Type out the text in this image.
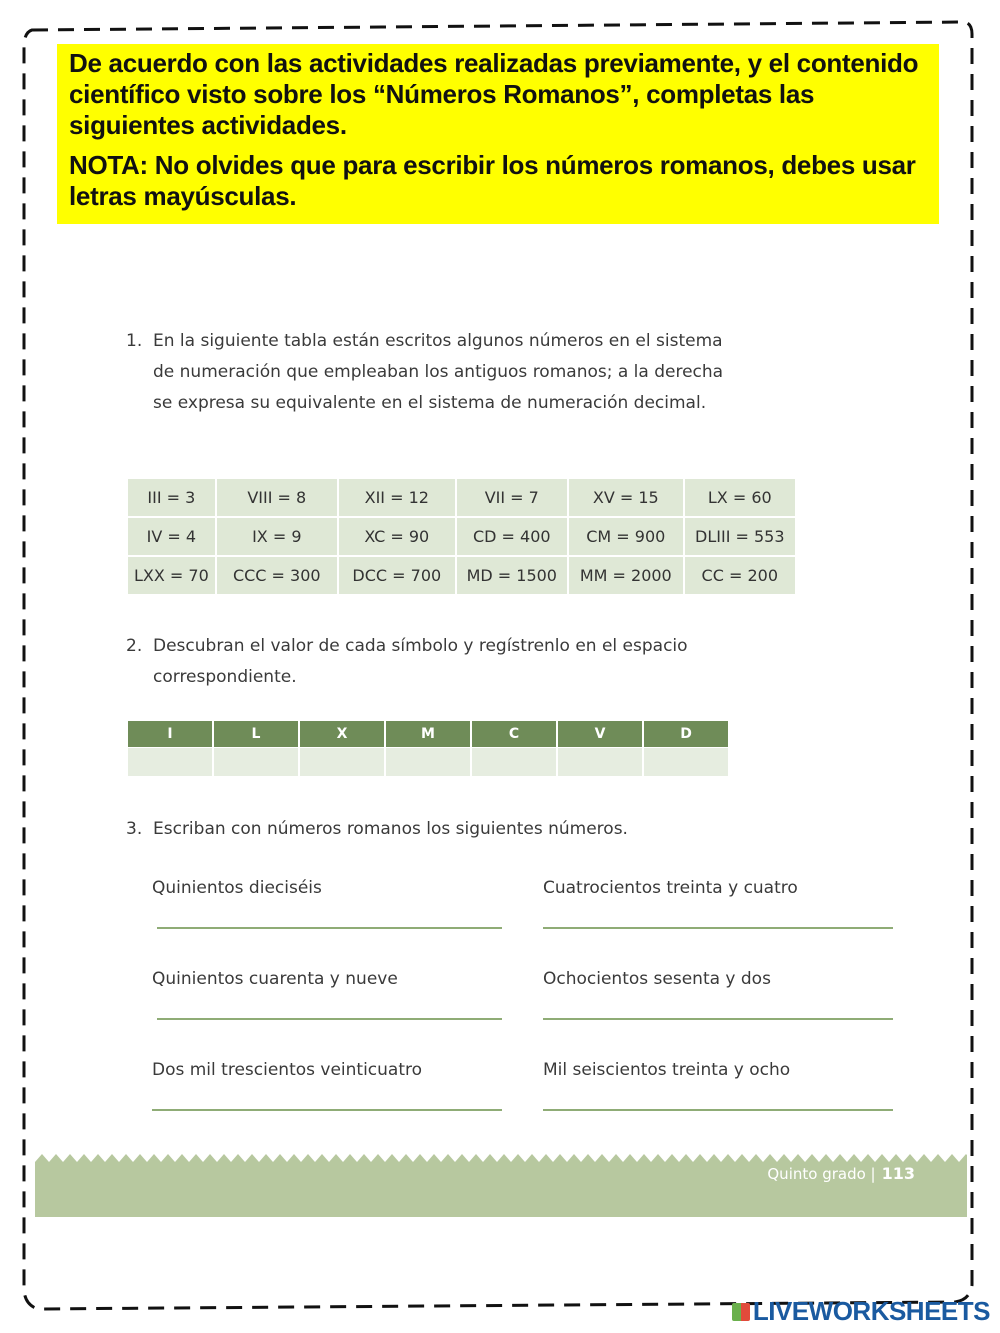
De acuerdo con las actividades realizadas previamente, y el contenido científico visto sobre los “Números Romanos”, completas las siguientes actividades.

NOTA: No olvides que para escribir los números romanos, debes usar letras mayúsculas.

1. En la siguiente tabla están escritos algunos números en el sistema de numeración que empleaban los antiguos romanos; a la derecha se expresa su equivalente en el sistema de numeración decimal.
III = 3	VIII = 8	XII = 12	VII = 7	XV = 15	LX = 60
IV = 4	IX = 9	XC = 90	CD = 400	CM = 900	DLIII = 553
LXX = 70	CCC = 300	DCC = 700	MD = 1500	MM = 2000	CC = 200
2. Descubran el valor de cada símbolo y regístrenlo en el espacio correspondiente.
I	L	X	M	C	V	D

3. Escriban con números romanos los siguientes números.
Quinientos dieciséis	Cuatrocientos treinta y cuatro
Quinientos cuarenta y nueve	Ochocientos sesenta y dos
Dos mil trescientos veinticuatro	Mil seiscientos treinta y ocho
Quinto grado | 113
LIVEWORKSHEETS
